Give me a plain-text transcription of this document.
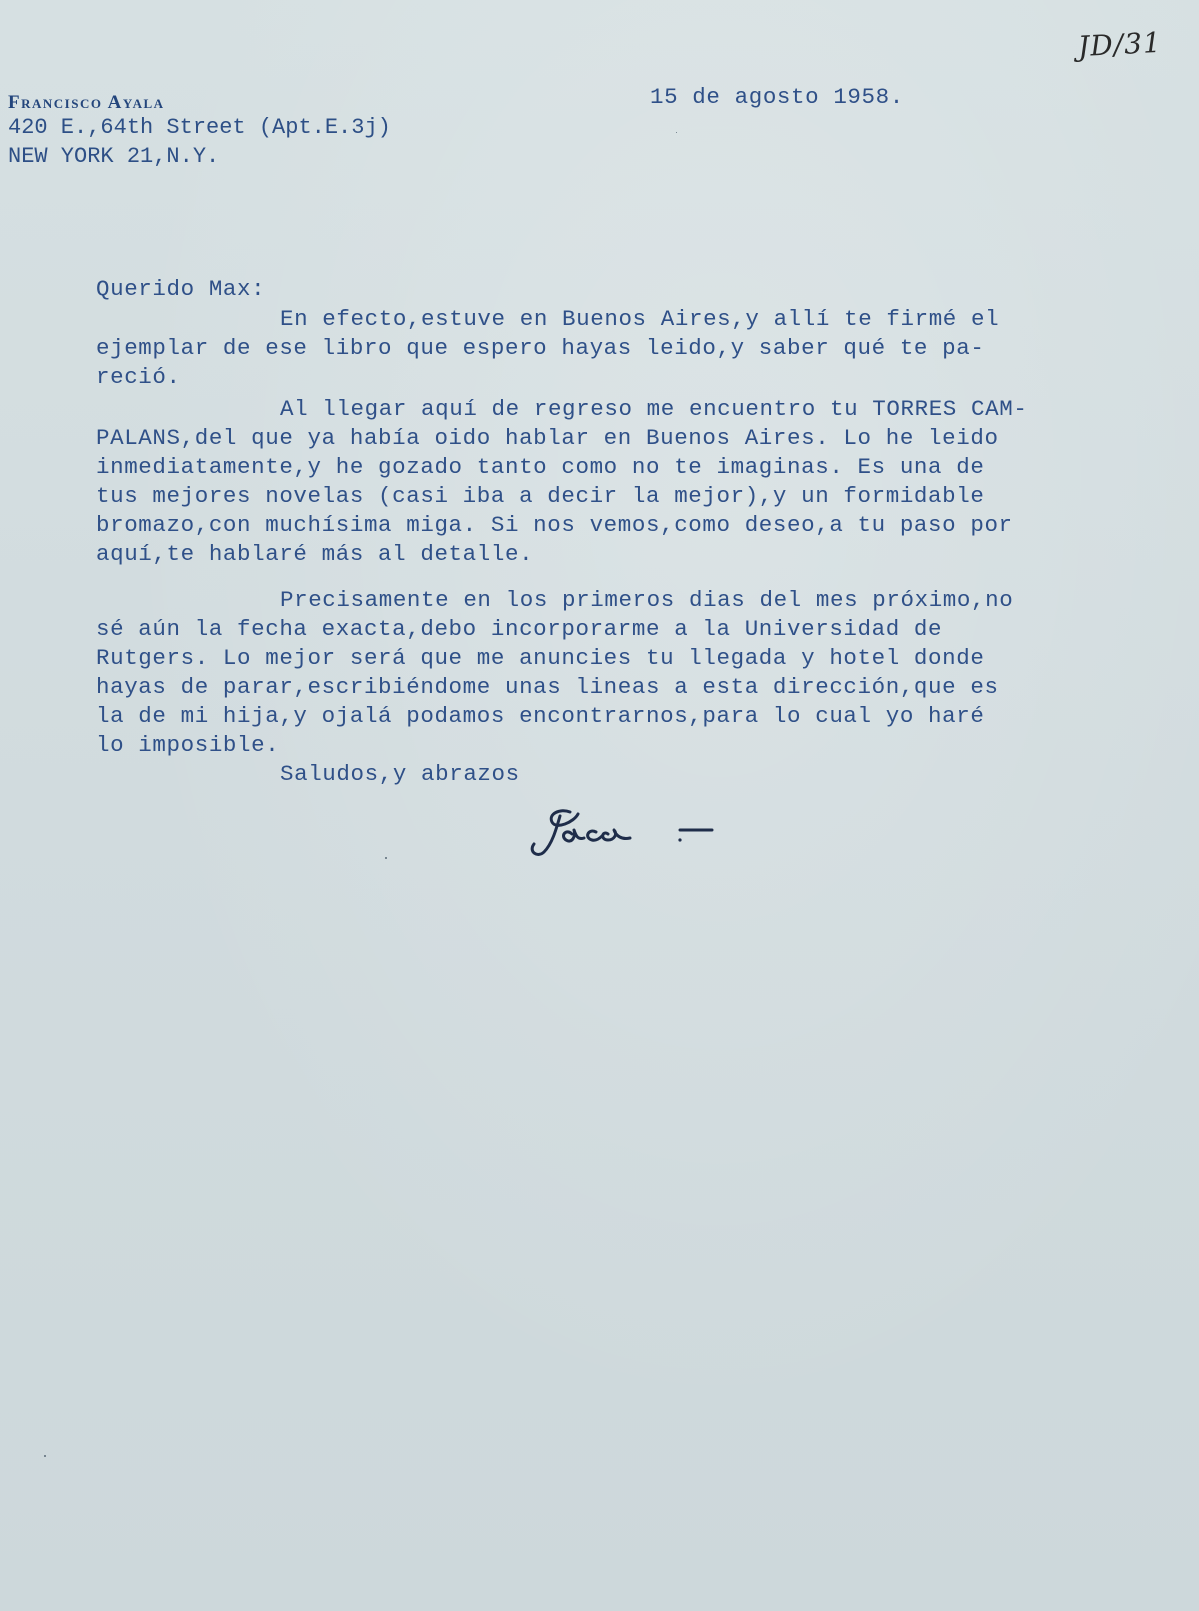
JD/31
Francisco Ayala
420 E.,64th Street (Apt.E.3j)
NEW YORK 21,N.Y.
15 de agosto 1958.
Querido Max:
En efecto,estuve en Buenos Aires,y allí te firmé el
ejemplar de ese libro que espero hayas leido,y saber qué te pa-
reció.
Al llegar aquí de regreso me encuentro tu TORRES CAM-
PALANS,del que ya había oido hablar en Buenos Aires. Lo he leido
inmediatamente,y he gozado tanto como no te imaginas. Es una de
tus mejores novelas (casi iba a decir la mejor),y un formidable
bromazo,con muchísima miga. Si nos vemos,como deseo,a tu paso por
aquí,te hablaré más al detalle.
Precisamente en los primeros dias del mes próximo,no
sé aún la fecha exacta,debo incorporarme a la Universidad de
Rutgers. Lo mejor será que me anuncies tu llegada y hotel donde
hayas de parar,escribiéndome unas lineas a esta dirección,que es
la de mi hija,y ojalá podamos encontrarnos,para lo cual yo haré
lo imposible.
Saludos,y abrazos
